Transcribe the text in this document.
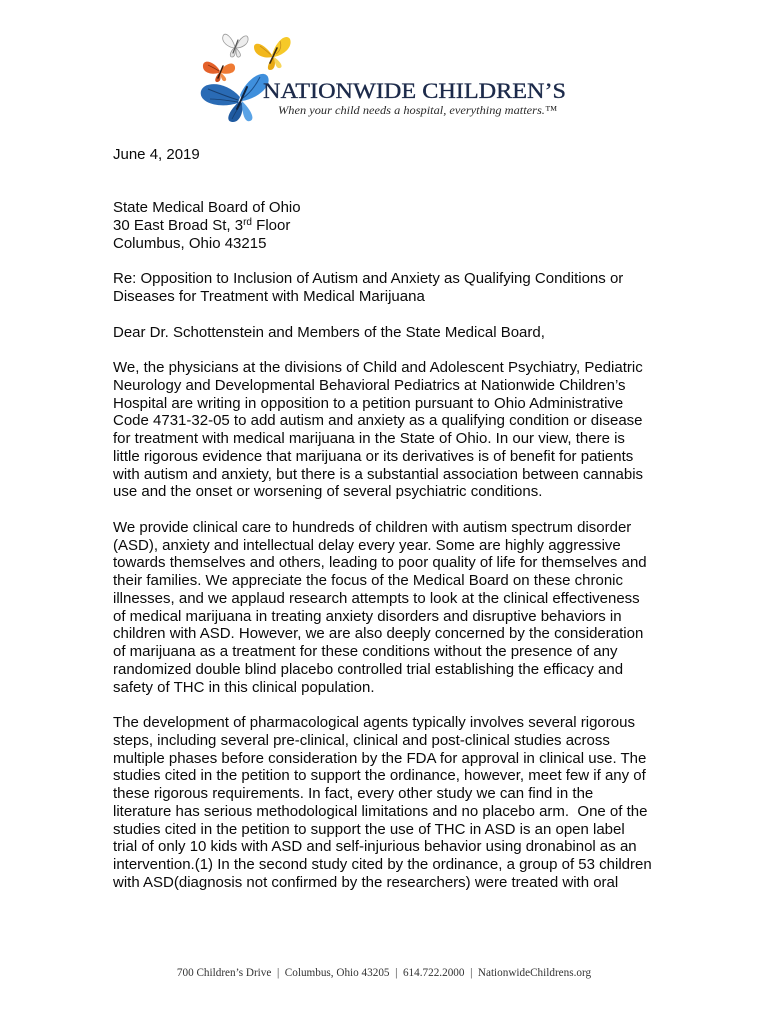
NATIONWIDE CHILDREN’S
When your child needs a hospital, everything matters.™
June 4, 2019
State Medical Board of Ohio
30 East Broad St, 3rd Floor
Columbus, Ohio 43215
Re: Opposition to Inclusion of Autism and Anxiety as Qualifying Conditions or
Diseases for Treatment with Medical Marijuana
Dear Dr. Schottenstein and Members of the State Medical Board,
We, the physicians at the divisions of Child and Adolescent Psychiatry, Pediatric
Neurology and Developmental Behavioral Pediatrics at Nationwide Children’s
Hospital are writing in opposition to a petition pursuant to Ohio Administrative
Code 4731-32-05 to add autism and anxiety as a qualifying condition or disease
for treatment with medical marijuana in the State of Ohio. In our view, there is
little rigorous evidence that marijuana or its derivatives is of benefit for patients
with autism and anxiety, but there is a substantial association between cannabis
use and the onset or worsening of several psychiatric conditions.
We provide clinical care to hundreds of children with autism spectrum disorder
(ASD), anxiety and intellectual delay every year. Some are highly aggressive
towards themselves and others, leading to poor quality of life for themselves and
their families. We appreciate the focus of the Medical Board on these chronic
illnesses, and we applaud research attempts to look at the clinical effectiveness
of medical marijuana in treating anxiety disorders and disruptive behaviors in
children with ASD. However, we are also deeply concerned by the consideration
of marijuana as a treatment for these conditions without the presence of any
randomized double blind placebo controlled trial establishing the efficacy and
safety of THC in this clinical population.
The development of pharmacological agents typically involves several rigorous
steps, including several pre-clinical, clinical and post-clinical studies across
multiple phases before consideration by the FDA for approval in clinical use. The
studies cited in the petition to support the ordinance, however, meet few if any of
these rigorous requirements. In fact, every other study we can find in the
literature has serious methodological limitations and no placebo arm.  One of the
studies cited in the petition to support the use of THC in ASD is an open label
trial of only 10 kids with ASD and self-injurious behavior using dronabinol as an
intervention.(1) In the second study cited by the ordinance, a group of 53 children
with ASD(diagnosis not confirmed by the researchers) were treated with oral
700 Children’s Drive  |  Columbus, Ohio 43205  |  614.722.2000  |  NationwideChildrens.org
